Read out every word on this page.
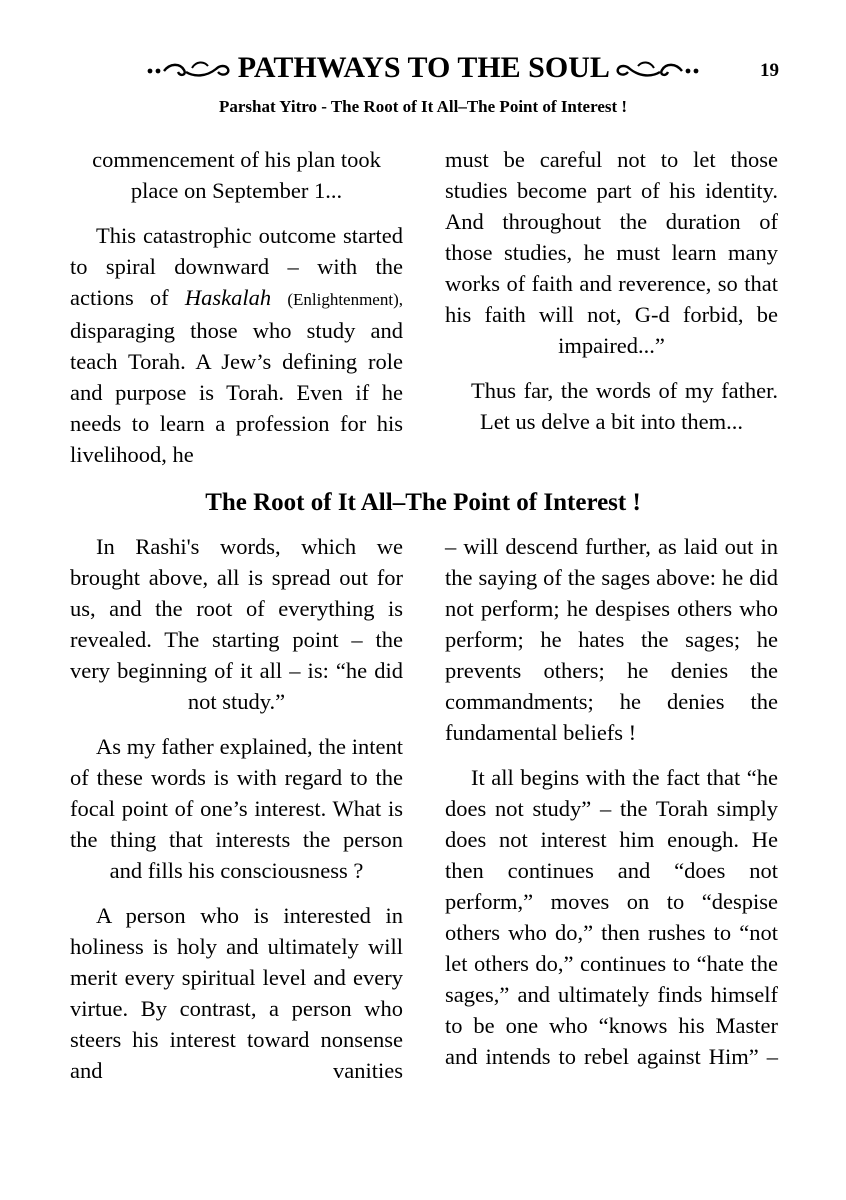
PATHWAYS TO THE SOUL	19
Parshat Yitro - The Root of It All–The Point of Interest !

commencement of his plan took place on September 1...

This catastrophic outcome started to spiral downward – with the actions of Haskalah (Enlightenment), disparaging those who study and teach Torah. A Jew’s defining role and purpose is Torah. Even if he needs to learn a profession for his livelihood, he

must be careful not to let those studies become part of his identity. And throughout the duration of those studies, he must learn many works of faith and reverence, so that his faith will not, G-d forbid, be impaired...”

Thus far, the words of my father. Let us delve a bit into them...

The Root of It All–The Point of Interest !

In Rashi's words, which we brought above, all is spread out for us, and the root of everything is revealed. The starting point – the very beginning of it all – is: “he did not study.”

As my father explained, the intent of these words is with regard to the focal point of one’s interest. What is the thing that interests the person and fills his consciousness ?

A person who is interested in holiness is holy and ultimately will merit every spiritual level and every virtue. By contrast, a person who steers his interest toward nonsense and vanities

– will descend further, as laid out in the saying of the sages above: he did not perform; he despises others who perform; he hates the sages; he prevents others; he denies the commandments; he denies the fundamental beliefs !

It all begins with the fact that “he does not study” – the Torah simply does not interest him enough. He then continues and “does not perform,” moves on to “despise others who do,” then rushes to “not let others do,” continues to “hate the sages,” and ultimately finds himself to be one who “knows his Master and intends to rebel against Him” –
